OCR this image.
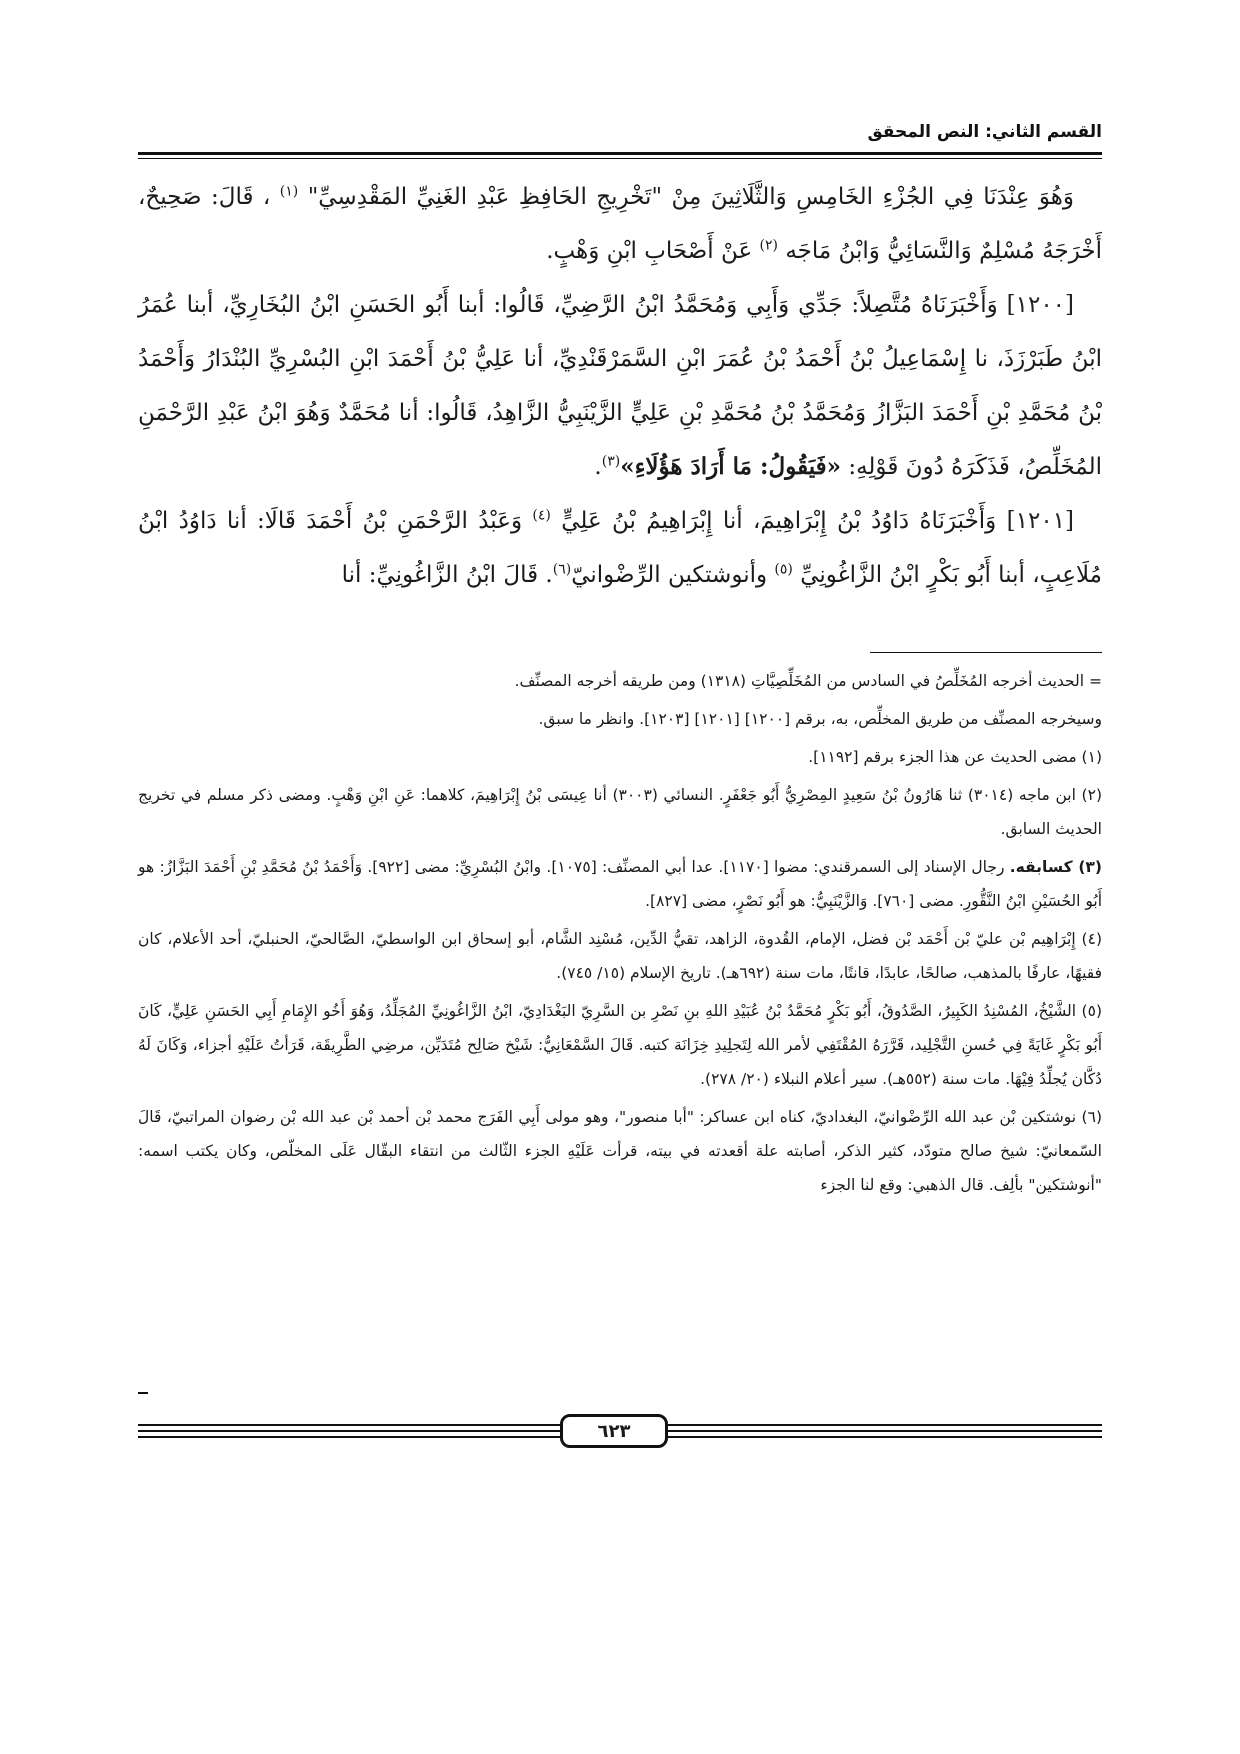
القسم الثاني: النص المحقق

وَهُوَ عِنْدَنَا فِي الجُزْءِ الخَامِسِ وَالثَّلَاثِينَ مِنْ "تَخْرِيجِ الحَافِظِ عَبْدِ الغَنِيِّ المَقْدِسِيِّ" $^{(١)}$ ، قَالَ: صَحِيحٌ، أَخْرَجَهُ مُسْلِمٌ وَالنَّسَائِيُّ وَابْنُ مَاجَه $^{(٢)}$ عَنْ أَصْحَابِ ابْنِ وَهْبٍ.

[١٢٠٠] وَأَخْبَرَنَاهُ مُتَّصِلاً: جَدِّي وَأَبِي وَمُحَمَّدُ ابْنُ الرَّضِيِّ، قَالُوا: أبنا أَبُو الحَسَنِ ابْنُ البُخَارِيِّ، أبنا عُمَرُ ابْنُ طَبَرْزَذَ، نا إِسْمَاعِيلُ بْنُ أَحْمَدُ بْنُ عُمَرَ ابْنِ السَّمَرْقَنْدِيِّ، أنا عَلِيُّ بْنُ أَحْمَدَ ابْنِ البُسْرِيِّ البُنْدَارُ وَأَحْمَدُ بْنُ مُحَمَّدِ بْنِ أَحْمَدَ البَزَّازُ وَمُحَمَّدُ بْنُ مُحَمَّدِ بْنِ عَلِيٍّ الزَّيْنَبِيُّ الزَّاهِدُ، قَالُوا: أنا مُحَمَّدٌ وَهُوَ ابْنُ عَبْدِ الرَّحْمَنِ المُخَلِّصُ، فَذَكَرَهُ دُونَ قَوْلِهِ: «فَيَقُولُ: مَا أَرَادَ هَؤُلَاءِ»$^{(٣)}$.

[١٢٠١] وَأَخْبَرَنَاهُ دَاوُدُ بْنُ إِبْرَاهِيمَ، أنا إِبْرَاهِيمُ بْنُ عَلِيٍّ $^{(٤)}$ وَعَبْدُ الرَّحْمَنِ بْنُ أَحْمَدَ قَالَا: أنا دَاوُدُ ابْنُ مُلَاعِبٍ، أبنا أَبُو بَكْرٍ ابْنُ الزَّاغُونِيِّ $^{(٥)}$ وأنوشتكين الرِّضْوانيّ$^{(٦)}$. قَالَ ابْنُ الزَّاغُونِيِّ: أنا

= الحديث أخرجه المُخَلِّصُ في السادس من المُخَلِّصِيَّاتِ (١٣١٨) ومن طريقه أخرجه المصنِّف.

وسيخرجه المصنِّف من طريق المخلِّص، به، برقم [١٢٠٠] [١٢٠١] [١٢٠٣]. وانظر ما سبق.

(١) مضى الحديث عن هذا الجزء برقم [١١٩٢].

(٢) ابن ماجه (٣٠١٤) ثنا هَارُونُ بْنُ سَعِيدٍ المِصْرِيُّ أَبُو جَعْفَرٍ. النسائي (٣٠٠٣) أنا عِيسَى بْنُ إِبْرَاهِيمَ، كلاهما: عَنِ ابْنِ وَهْبٍ. ومضى ذكر مسلم في تخريج الحديث السابق.

(٣) كسابقه. رجال الإسناد إلى السمرقندي: مضوا [١١٧٠]. عدا أبي المصنِّف: [١٠٧٥]. وابْنُ البُسْرِيِّ: مضى [٩٢٢]. وَأَحْمَدُ بْنُ مُحَمَّدِ بْنِ أَحْمَدَ البَزَّازُ: هو أَبُو الحُسَيْنِ ابْنُ النَّقُّورِ. مضى [٧٦٠]. وَالزَّيْنَبِيُّ: هو أَبُو نَصْرٍ، مضى [٨٢٧].

(٤) إِبْرَاهِيم بْن عليّ بْن أَحْمَد بْن فضل، الإمام، القُدوة، الزاهد، تقيُّ الدِّين، مُسْنِد الشَّام، أبو إسحاق ابن الواسطيّ، الصَّالحيّ، الحنبليّ، أحد الأعلام، كان فقيهًا، عارفًا بالمذهب، صالحًا، عابدًا، قانتًا، مات سنة (٦٩٢هـ). تاريخ الإسلام (١٥/ ٧٤٥).

(٥) الشَّيْخُ، المُسْنِدُ الكَبِيرُ، الصَّدُوقُ، أَبُو بَكْرٍ مُحَمَّدُ بْنُ عُبَيْدِ اللهِ بنِ نَصْرِ بن السَّرِيّ البَغْدَادِيّ، ابْنُ الزَّاغُونِيِّ المُجَلِّدُ، وَهُوَ أَخُو الإِمَامِ أَبِي الحَسَنِ عَلِيٍّ، كَانَ أَبُو بَكْرٍ غَايَةً فِي حُسنِ التَّجْلِيد، قَرَّرَهُ المُقْتَفِي لأمر الله لِتَجلِيدِ خِزَانَة كتبه. قَالَ السَّمْعَانِيُّ: شَيْخ صَالِح مُتَدَيِّن، مرضِي الطَّرِيقَة، قَرَأتُ عَلَيْهِ أجزاء، وَكَانَ لَهُ دُكَّان يُجلِّدُ فِيْهَا. مات سنة (٥٥٢هـ). سير أعلام النبلاء (٢٠/ ٢٧٨).

(٦) نوشتكين بْن عبد الله الرِّضْوانيّ، البغداديّ، كناه ابن عساكر: "أبا منصور"، وهو مولى أَبِي الفَرَج محمد بْن أحمد بْن عبد الله بْن رضوان المراتبيّ، قَالَ السّمعانيّ: شيخ صالح متودّد، كثير الذكر، أصابته علة أقعدته في بيته، قرأت عَلَيْهِ الجزء الثّالث من انتقاء البقّال عَلَى المخلّص، وكان يكتب اسمه: "أنوشتكين" بألِف. قال الذهبي: وقع لنا الجزء

٦٢٣
